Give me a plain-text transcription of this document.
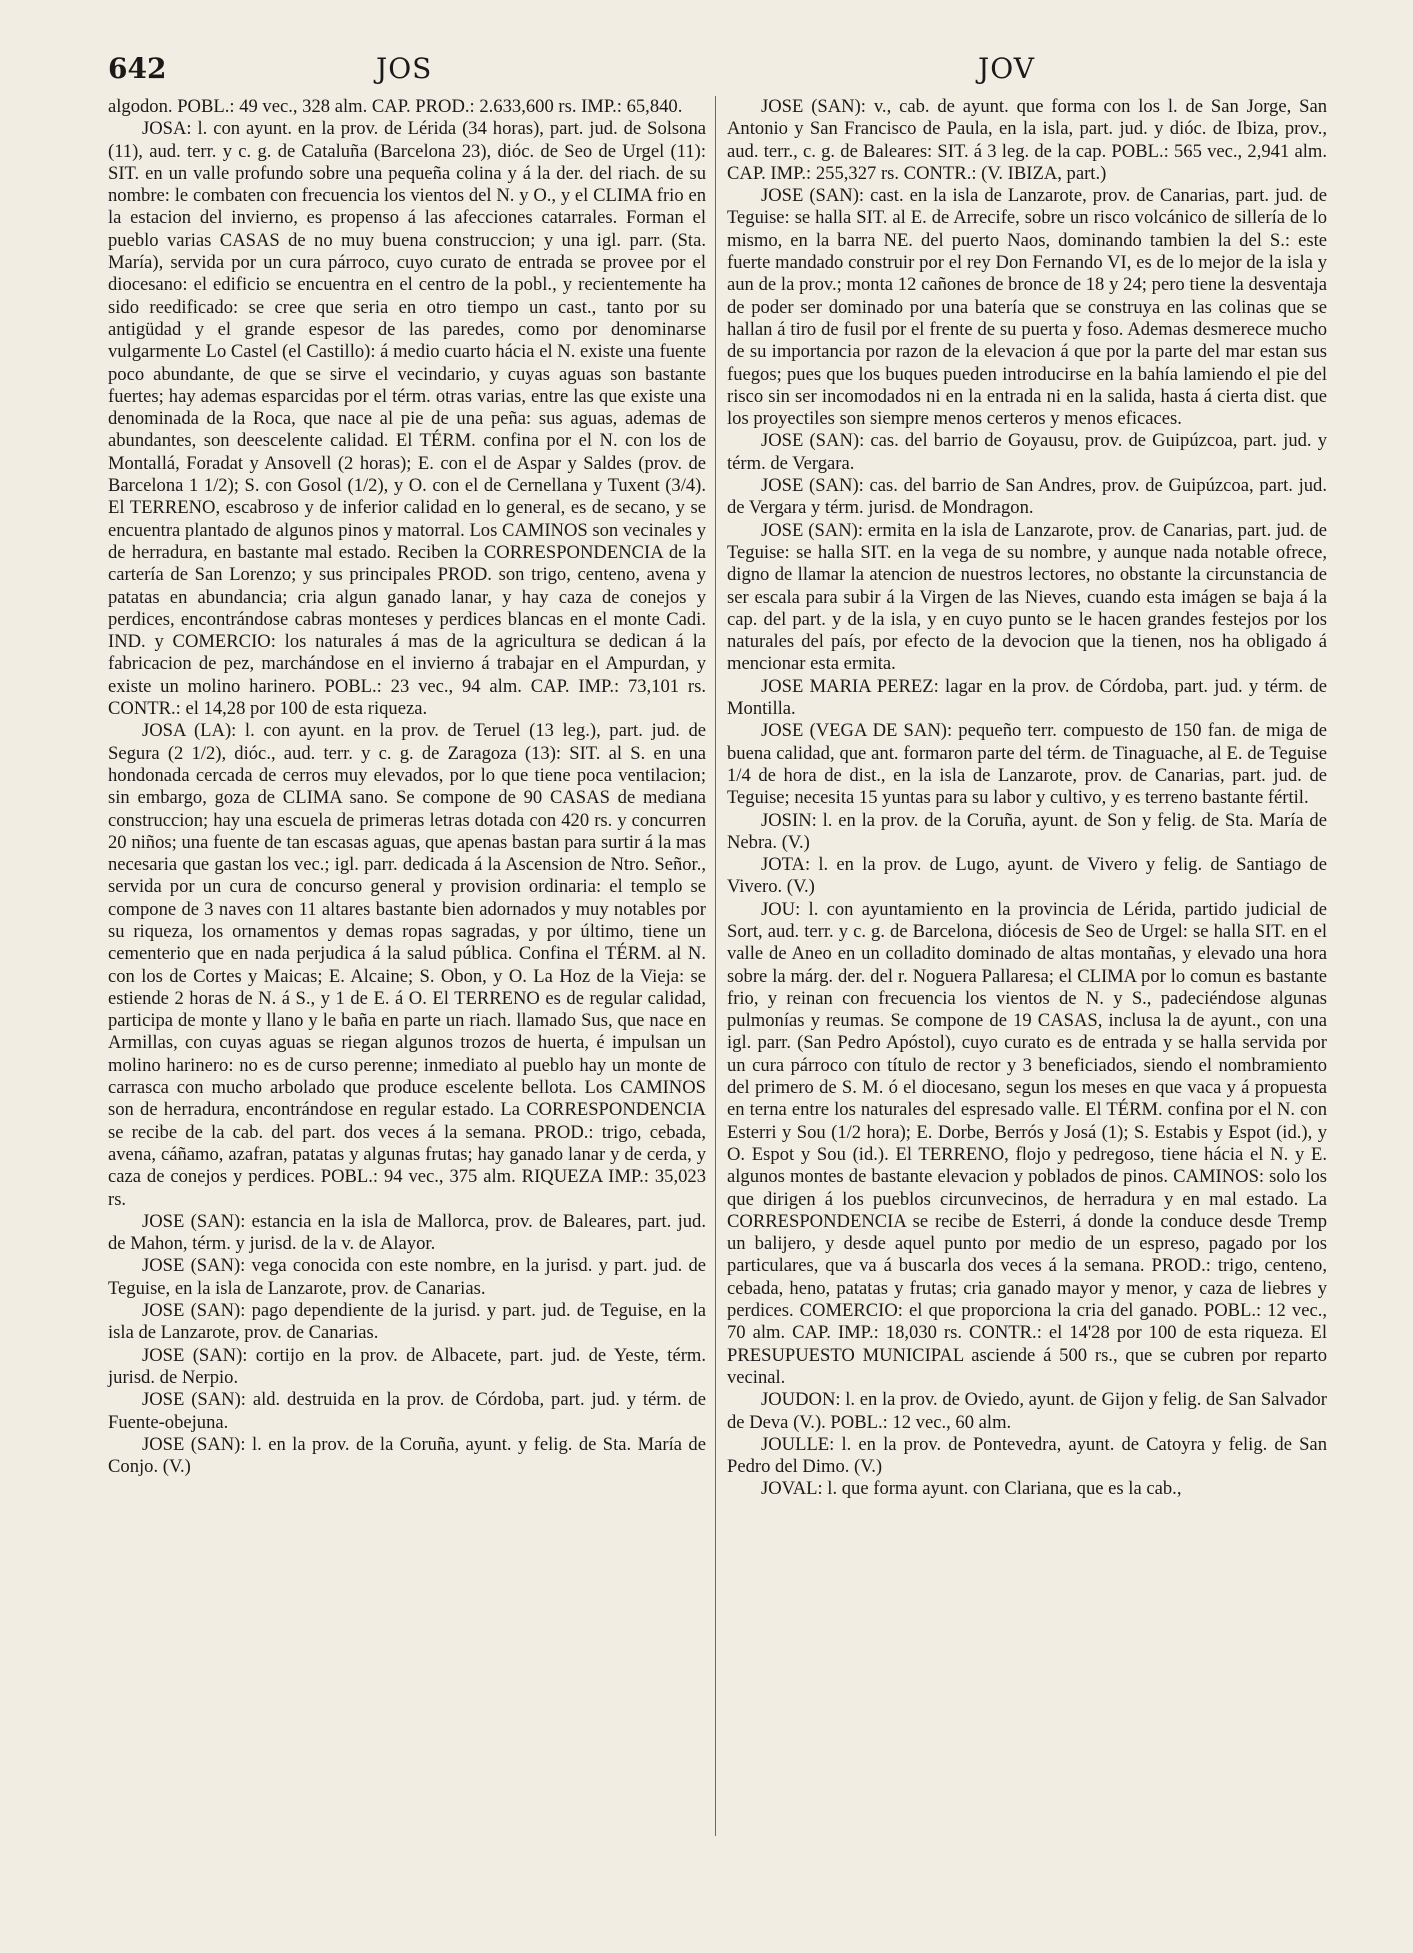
642	JOS	JOV

algodon. POBL.: 49 vec., 328 alm. CAP. PROD.: 2.633,600 rs. IMP.: 65,840.

JOSA: l. con ayunt. en la prov. de Lérida (34 horas), part. jud. de Solsona (11), aud. terr. y c. g. de Cataluña (Barcelona 23), dióc. de Seo de Urgel (11): SIT. en un valle profundo sobre una pequeña colina y á la der. del riach. de su nombre: le combaten con frecuencia los vientos del N. y O., y el CLIMA frio en la estacion del invierno, es propenso á las afecciones catarrales. Forman el pueblo varias CASAS de no muy buena construccion; y una igl. parr. (Sta. María), servida por un cura párroco, cuyo curato de entrada se provee por el diocesano: el edificio se encuentra en el centro de la pobl., y recientemente ha sido reedificado: se cree que seria en otro tiempo un cast., tanto por su antigüdad y el grande espesor de las paredes, como por denominarse vulgarmente Lo Castel (el Castillo): á medio cuarto hácia el N. existe una fuente poco abundante, de que se sirve el vecindario, y cuyas aguas son bastante fuertes; hay ademas esparcidas por el térm. otras varias, entre las que existe una denominada de la Roca, que nace al pie de una peña: sus aguas, ademas de abundantes, son deescelente calidad. El TÉRM. confina por el N. con los de Montallá, Foradat y Ansovell (2 horas); E. con el de Aspar y Saldes (prov. de Barcelona 1 1/2); S. con Gosol (1/2), y O. con el de Cernellana y Tuxent (3/4). El TERRENO, escabroso y de inferior calidad en lo general, es de secano, y se encuentra plantado de algunos pinos y matorral. Los CAMINOS son vecinales y de herradura, en bastante mal estado. Reciben la CORRESPONDENCIA de la cartería de San Lorenzo; y sus principales PROD. son trigo, centeno, avena y patatas en abundancia; cria algun ganado lanar, y hay caza de conejos y perdices, encontrándose cabras monteses y perdices blancas en el monte Cadi. IND. y COMERCIO: los naturales á mas de la agricultura se dedican á la fabricacion de pez, marchándose en el invierno á trabajar en el Ampurdan, y existe un molino harinero. POBL.: 23 vec., 94 alm. CAP. IMP.: 73,101 rs. CONTR.: el 14,28 por 100 de esta riqueza.

JOSA (LA): l. con ayunt. en la prov. de Teruel (13 leg.), part. jud. de Segura (2 1/2), dióc., aud. terr. y c. g. de Zaragoza (13): SIT. al S. en una hondonada cercada de cerros muy elevados, por lo que tiene poca ventilacion; sin embargo, goza de CLIMA sano. Se compone de 90 CASAS de mediana construccion; hay una escuela de primeras letras dotada con 420 rs. y concurren 20 niños; una fuente de tan escasas aguas, que apenas bastan para surtir á la mas necesaria que gastan los vec.; igl. parr. dedicada á la Ascension de Ntro. Señor., servida por un cura de concurso general y provision ordinaria: el templo se compone de 3 naves con 11 altares bastante bien adornados y muy notables por su riqueza, los ornamentos y demas ropas sagradas, y por último, tiene un cementerio que en nada perjudica á la salud pública. Confina el TÉRM. al N. con los de Cortes y Maicas; E. Alcaine; S. Obon, y O. La Hoz de la Vieja: se estiende 2 horas de N. á S., y 1 de E. á O. El TERRENO es de regular calidad, participa de monte y llano y le baña en parte un riach. llamado Sus, que nace en Armillas, con cuyas aguas se riegan algunos trozos de huerta, é impulsan un molino harinero: no es de curso perenne; inmediato al pueblo hay un monte de carrasca con mucho arbolado que produce escelente bellota. Los CAMINOS son de herradura, encontrándose en regular estado. La CORRESPONDENCIA se recibe de la cab. del part. dos veces á la semana. PROD.: trigo, cebada, avena, cáñamo, azafran, patatas y algunas frutas; hay ganado lanar y de cerda, y caza de conejos y perdices. POBL.: 94 vec., 375 alm. RIQUEZA IMP.: 35,023 rs.

JOSE (SAN): estancia en la isla de Mallorca, prov. de Baleares, part. jud. de Mahon, térm. y jurisd. de la v. de Alayor.

JOSE (SAN): vega conocida con este nombre, en la jurisd. y part. jud. de Teguise, en la isla de Lanzarote, prov. de Canarias.

JOSE (SAN): pago dependiente de la jurisd. y part. jud. de Teguise, en la isla de Lanzarote, prov. de Canarias.

JOSE (SAN): cortijo en la prov. de Albacete, part. jud. de Yeste, térm. jurisd. de Nerpio.

JOSE (SAN): ald. destruida en la prov. de Córdoba, part. jud. y térm. de Fuente-obejuna.

JOSE (SAN): l. en la prov. de la Coruña, ayunt. y felig. de Sta. María de Conjo. (V.)

JOSE (SAN): v., cab. de ayunt. que forma con los l. de San Jorge, San Antonio y San Francisco de Paula, en la isla, part. jud. y dióc. de Ibiza, prov., aud. terr., c. g. de Baleares: SIT. á 3 leg. de la cap. POBL.: 565 vec., 2,941 alm. CAP. IMP.: 255,327 rs. CONTR.: (V. IBIZA, part.)

JOSE (SAN): cast. en la isla de Lanzarote, prov. de Canarias, part. jud. de Teguise: se halla SIT. al E. de Arrecife, sobre un risco volcánico de sillería de lo mismo, en la barra NE. del puerto Naos, dominando tambien la del S.: este fuerte mandado construir por el rey Don Fernando VI, es de lo mejor de la isla y aun de la prov.; monta 12 cañones de bronce de 18 y 24; pero tiene la desventaja de poder ser dominado por una batería que se construya en las colinas que se hallan á tiro de fusil por el frente de su puerta y foso. Ademas desmerece mucho de su importancia por razon de la elevacion á que por la parte del mar estan sus fuegos; pues que los buques pueden introducirse en la bahía lamiendo el pie del risco sin ser incomodados ni en la entrada ni en la salida, hasta á cierta dist. que los proyectiles son siempre menos certeros y menos eficaces.

JOSE (SAN): cas. del barrio de Goyausu, prov. de Guipúzcoa, part. jud. y térm. de Vergara.

JOSE (SAN): cas. del barrio de San Andres, prov. de Guipúzcoa, part. jud. de Vergara y térm. jurisd. de Mondragon.

JOSE (SAN): ermita en la isla de Lanzarote, prov. de Canarias, part. jud. de Teguise: se halla SIT. en la vega de su nombre, y aunque nada notable ofrece, digno de llamar la atencion de nuestros lectores, no obstante la circunstancia de ser escala para subir á la Virgen de las Nieves, cuando esta imágen se baja á la cap. del part. y de la isla, y en cuyo punto se le hacen grandes festejos por los naturales del país, por efecto de la devocion que la tienen, nos ha obligado á mencionar esta ermita.

JOSE MARIA PEREZ: lagar en la prov. de Córdoba, part. jud. y térm. de Montilla.

JOSE (VEGA DE SAN): pequeño terr. compuesto de 150 fan. de miga de buena calidad, que ant. formaron parte del térm. de Tinaguache, al E. de Teguise 1/4 de hora de dist., en la isla de Lanzarote, prov. de Canarias, part. jud. de Teguise; necesita 15 yuntas para su labor y cultivo, y es terreno bastante fértil.

JOSIN: l. en la prov. de la Coruña, ayunt. de Son y felig. de Sta. María de Nebra. (V.)

JOTA: l. en la prov. de Lugo, ayunt. de Vivero y felig. de Santiago de Vivero. (V.)

JOU: l. con ayuntamiento en la provincia de Lérida, partido judicial de Sort, aud. terr. y c. g. de Barcelona, diócesis de Seo de Urgel: se halla SIT. en el valle de Aneo en un colladito dominado de altas montañas, y elevado una hora sobre la márg. der. del r. Noguera Pallaresa; el CLIMA por lo comun es bastante frio, y reinan con frecuencia los vientos de N. y S., padeciéndose algunas pulmonías y reumas. Se compone de 19 CASAS, inclusa la de ayunt., con una igl. parr. (San Pedro Apóstol), cuyo curato es de entrada y se halla servida por un cura párroco con título de rector y 3 beneficiados, siendo el nombramiento del primero de S. M. ó el diocesano, segun los meses en que vaca y á propuesta en terna entre los naturales del espresado valle. El TÉRM. confina por el N. con Esterri y Sou (1/2 hora); E. Dorbe, Berrós y Josá (1); S. Estabis y Espot (id.), y O. Espot y Sou (id.). El TERRENO, flojo y pedregoso, tiene hácia el N. y E. algunos montes de bastante elevacion y poblados de pinos. CAMINOS: solo los que dirigen á los pueblos circunvecinos, de herradura y en mal estado. La CORRESPONDENCIA se recibe de Esterri, á donde la conduce desde Tremp un balijero, y desde aquel punto por medio de un espreso, pagado por los particulares, que va á buscarla dos veces á la semana. PROD.: trigo, centeno, cebada, heno, patatas y frutas; cria ganado mayor y menor, y caza de liebres y perdices. COMERCIO: el que proporciona la cria del ganado. POBL.: 12 vec., 70 alm. CAP. IMP.: 18,030 rs. CONTR.: el 14'28 por 100 de esta riqueza. El PRESUPUESTO MUNICIPAL asciende á 500 rs., que se cubren por reparto vecinal.

JOUDON: l. en la prov. de Oviedo, ayunt. de Gijon y felig. de San Salvador de Deva (V.). POBL.: 12 vec., 60 alm.

JOULLE: l. en la prov. de Pontevedra, ayunt. de Catoyra y felig. de San Pedro del Dimo. (V.)

JOVAL: l. que forma ayunt. con Clariana, que es la cab.,
